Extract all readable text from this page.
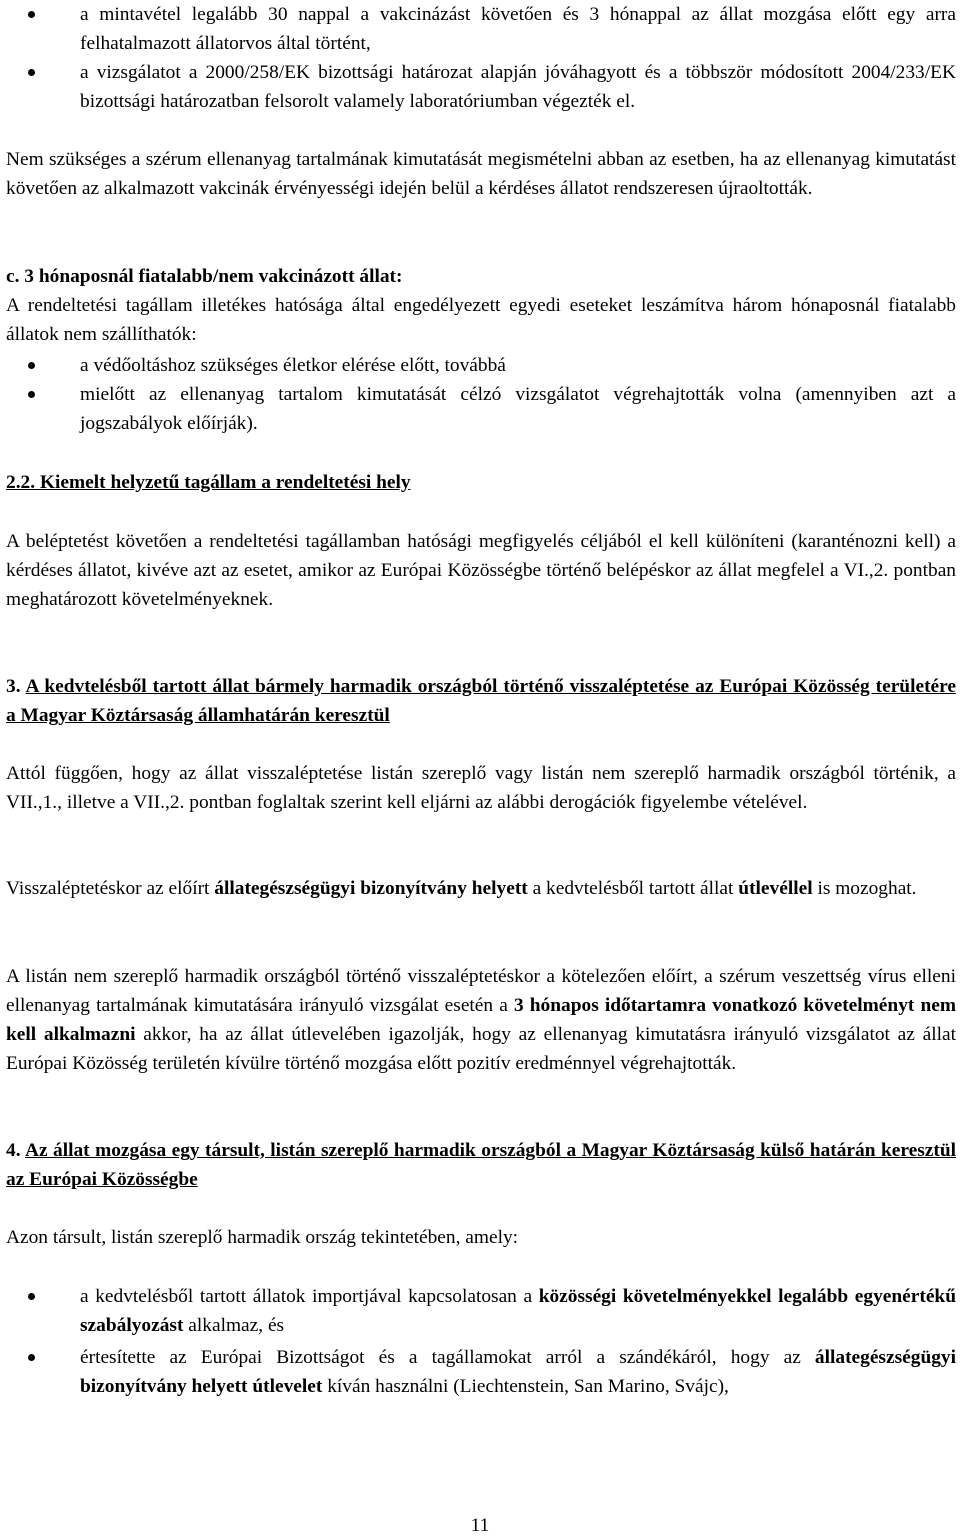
a mintavétel legalább 30 nappal a vakcinázást követően és 3 hónappal az állat mozgása előtt egy arra felhatalmazott állatorvos által történt,
a vizsgálatot a 2000/258/EK bizottsági határozat alapján jóváhagyott és a többször módosított 2004/233/EK bizottsági határozatban felsorolt valamely laboratóriumban végezték el.

Nem szükséges a szérum ellenanyag tartalmának kimutatását megismételni abban az esetben, ha az ellenanyag kimutatást követően az alkalmazott vakcinák érvényességi idején belül a kérdéses állatot rendszeresen újraoltották.

c. 3 hónaposnál fiatalabb/nem vakcinázott állat:

A rendeltetési tagállam illetékes hatósága által engedélyezett egyedi eseteket leszámítva három hónaposnál fiatalabb állatok nem szállíthatók:

a védőoltáshoz szükséges életkor elérése előtt, továbbá
mielőtt az ellenanyag tartalom kimutatását célzó vizsgálatot végrehajtották volna (amennyiben azt a jogszabályok előírják).

2.2. Kiemelt helyzetű tagállam a rendeltetési hely

A beléptetést követően a rendeltetési tagállamban hatósági megfigyelés céljából el kell különíteni (karanténozni kell) a kérdéses állatot, kivéve azt az esetet, amikor az Európai Közösségbe történő belépéskor az állat megfelel a VI.,2. pontban meghatározott követelményeknek.

3. A kedvtelésből tartott állat bármely harmadik országból történő visszaléptetése az Európai Közösség területére a Magyar Köztársaság államhatárán keresztül

Attól függően, hogy az állat visszaléptetése listán szereplő vagy listán nem szereplő harmadik országból történik, a VII.,1., illetve a VII.,2. pontban foglaltak szerint kell eljárni az alábbi derogációk figyelembe vételével.

Visszaléptetéskor az előírt állategészségügyi bizonyítvány helyett a kedvtelésből tartott állat útlevéllel is mozoghat.

A listán nem szereplő harmadik országból történő visszaléptetéskor a kötelezően előírt, a szérum veszettség vírus elleni ellenanyag tartalmának kimutatására irányuló vizsgálat esetén a 3 hónapos időtartamra vonatkozó követelményt nem kell alkalmazni akkor, ha az állat útlevelében igazolják, hogy az ellenanyag kimutatásra irányuló vizsgálatot az állat Európai Közösség területén kívülre történő mozgása előtt pozitív eredménnyel végrehajtották.

4. Az állat mozgása egy társult, listán szereplő harmadik országból a Magyar Köztársaság külső határán keresztül az Európai Közösségbe

Azon társult, listán szereplő harmadik ország tekintetében, amely:

a kedvtelésből tartott állatok importjával kapcsolatosan a közösségi követelményekkel legalább egyenértékű szabályozást alkalmaz, és
értesítette az Európai Bizottságot és a tagállamokat arról a szándékáról, hogy az állategészségügyi bizonyítvány helyett útlevelet kíván használni (Liechtenstein, San Marino, Svájc),
11
